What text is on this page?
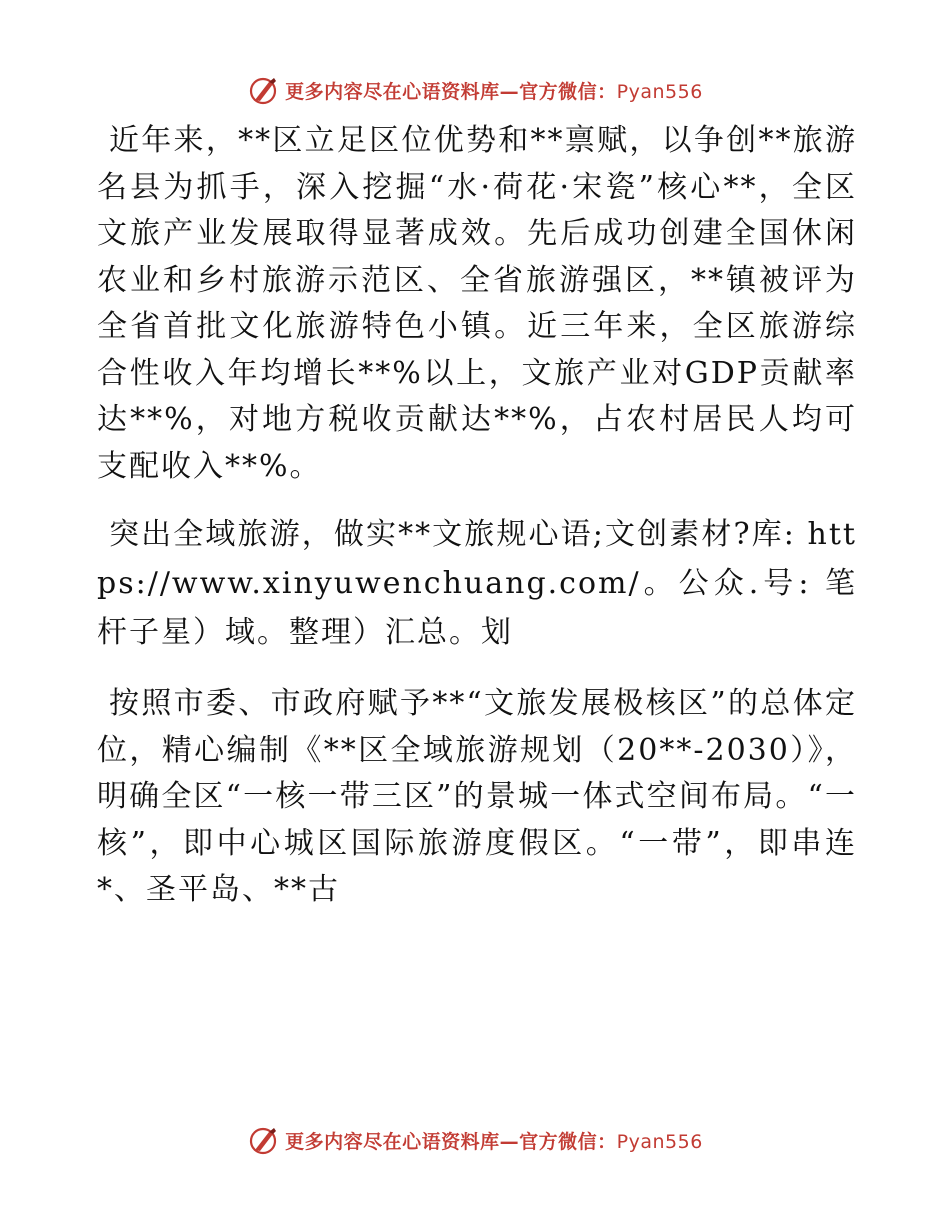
更多内容尽在心语资料库—官方微信：Pyan556

近年来，**区立足区位优势和**禀赋，以争创**旅游名县为抓手，深入挖掘“水·荷花·宋瓷”核心**，全区文旅产业发展取得显著成效。先后成功创建全国休闲农业和乡村旅游示范区、全省旅游强区，**镇被评为全省首批文化旅游特色小镇。近三年来，全区旅游综合性收入年均增长**%以上，文旅产业对GDP贡献率达**%，对地方税收贡献达**%，占农村居民人均可支配收入**%。

突出全域旅游，做实**文旅规心语;文创素材?库: https://www.xinyuwenchuang.com/。公众.号: 笔杆子星）域。整理）汇总。划

按照市委、市政府赋予**“文旅发展极核区”的总体定位，精心编制《**区全域旅游规划（20**-2030）》，明确全区“一核一带三区”的景城一体式空间布局。“一核”，即中心城区国际旅游度假区。“一带”，即串连*、圣平岛、**古

更多内容尽在心语资料库—官方微信：Pyan556
